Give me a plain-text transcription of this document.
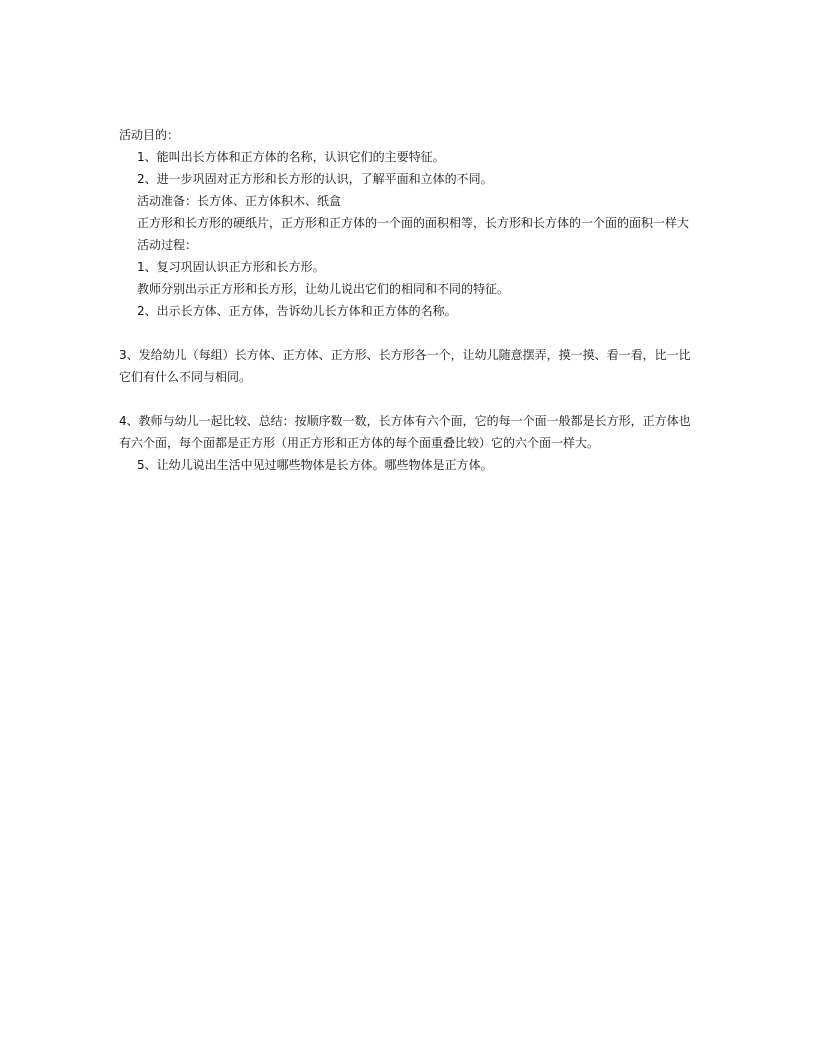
活动目的：
1、能叫出长方体和正方体的名称，认识它们的主要特征。
2、进一步巩固对正方形和长方形的认识，了解平面和立体的不同。
活动准备：长方体、正方体积木、纸盒
正方形和长方形的硬纸片，正方形和正方体的一个面的面积相等，长方形和长方体的一个面的面积一样大
活动过程：
1、复习巩固认识正方形和长方形。
教师分别出示正方形和长方形，让幼儿说出它们的相同和不同的特征。
2、出示长方体、正方体，告诉幼儿长方体和正方体的名称。
3、发给幼儿（每组）长方体、正方体、正方形、长方形各一个，让幼儿随意摆弄，摸一摸、看一看，比一比它们有什么不同与相同。
4、教师与幼儿一起比较、总结：按顺序数一数，长方体有六个面，它的每一个面一般都是长方形，正方体也有六个面，每个面都是正方形（用正方形和正方体的每个面重叠比较）它的六个面一样大。
5、让幼儿说出生活中见过哪些物体是长方体。哪些物体是正方体。
